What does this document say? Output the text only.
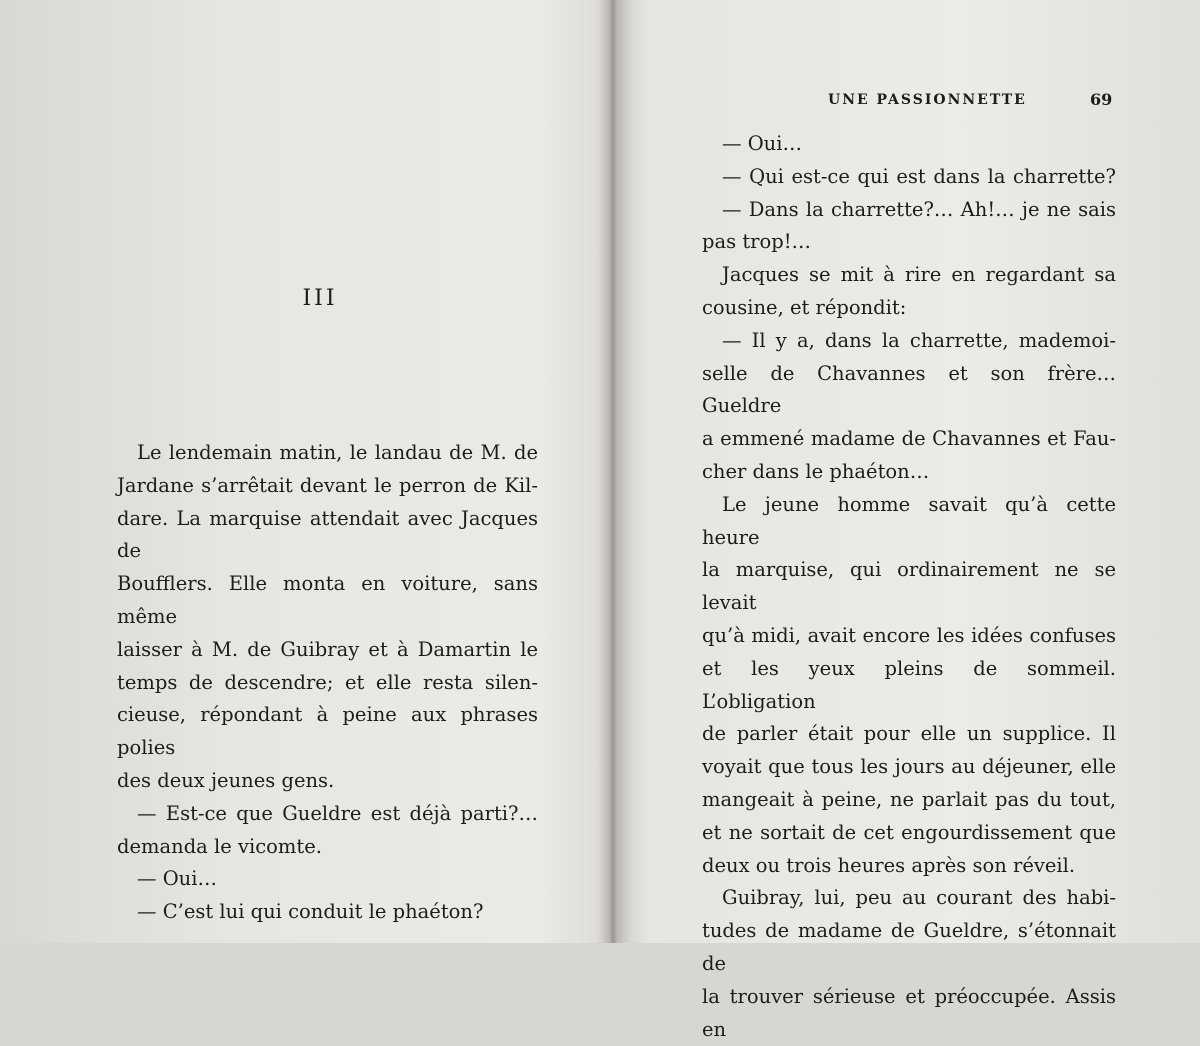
III

Le lendemain matin, le landau de M. de

Jardane s’arrêtait devant le perron de Kil-

dare. La marquise attendait avec Jacques de

Boufflers. Elle monta en voiture, sans même

laisser à M. de Guibray et à Damartin le

temps de descendre; et elle resta silen-

cieuse, répondant à peine aux phrases polies

des deux jeunes gens.

— Est-ce que Gueldre est déjà parti?…

demanda le vicomte.

— Oui…

— C’est lui qui conduit le phaéton?

UNE PASSIONNETTE	69

— Oui…

— Qui est-ce qui est dans la charrette?

— Dans la charrette?… Ah!… je ne sais

pas trop!…

Jacques se mit à rire en regardant sa

cousine, et répondit:

— Il y a, dans la charrette, mademoi-

selle de Chavannes et son frère… Gueldre

a emmené madame de Chavannes et Fau-

cher dans le phaéton…

Le jeune homme savait qu’à cette heure

la marquise, qui ordinairement ne se levait

qu’à midi, avait encore les idées confuses

et les yeux pleins de sommeil. L’obligation

de parler était pour elle un supplice. Il

voyait que tous les jours au déjeuner, elle

mangeait à peine, ne parlait pas du tout,

et ne sortait de cet engourdissement que

deux ou trois heures après son réveil.

Guibray, lui, peu au courant des habi-

tudes de madame de Gueldre, s’étonnait de

la trouver sérieuse et préoccupée. Assis en
